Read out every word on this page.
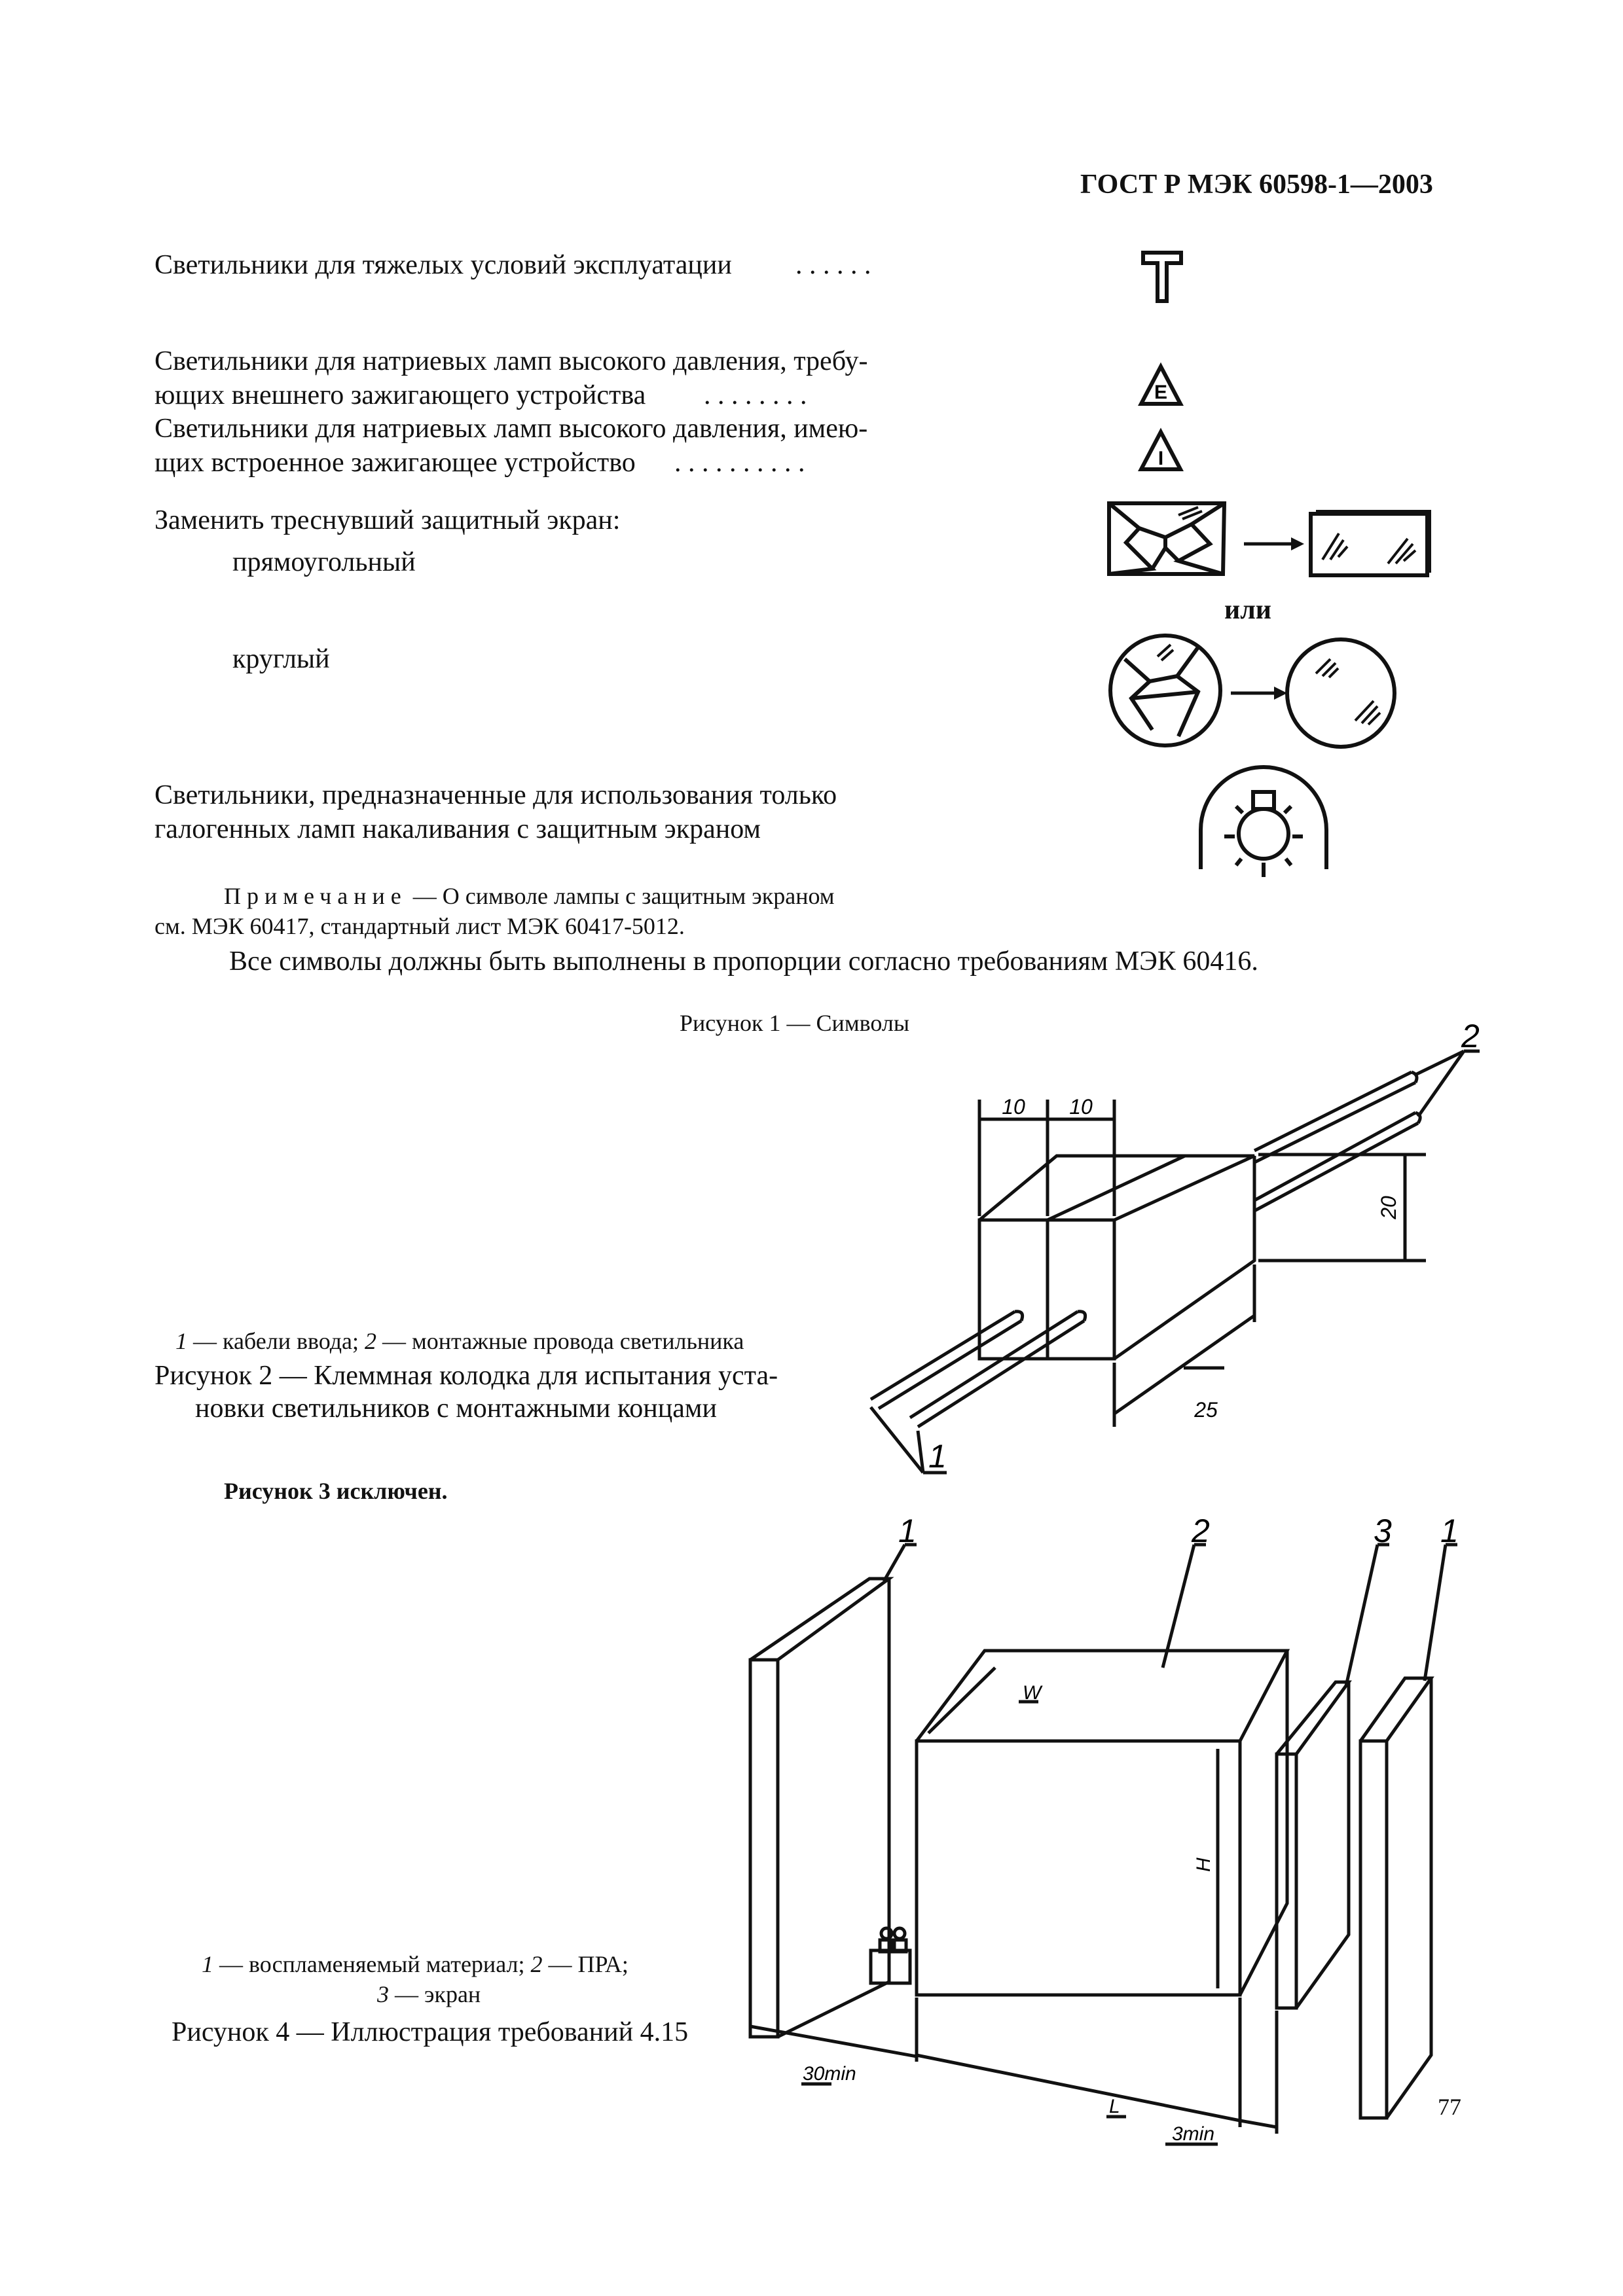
ГОСТ Р МЭК 60598-1—2003
Светильники для тяжелых условий эксплуатации . . . . . .
Светильники для натриевых ламп высокого давления, требу-
ющих внешнего зажигающего устройства . . . . . . . .	E
Светильники для натриевых ламп высокого давления, имею-
щих встроенное зажигающее устройство . . . . . . . . . .	I
Заменить треснувший защитный экран:
прямоугольный
или
круглый
Светильники, предназначенные для использования только
галогенных ламп накаливания с защитным экраном
Примечание — О символе лампы с защитным экраном
см. МЭК 60417, стандартный лист МЭК 60417-5012.
Все символы должны быть выполнены в пропорции согласно требованиям МЭК 60416.
Рисунок 1 — Символы
10 10
20
25
1
2
1 — кабели ввода; 2 — монтажные провода светильника
Рисунок 2 — Клеммная колодка для испытания уста-
новки светильников с монтажными концами
Рисунок 3 исключен.
1	2	3 1
W
H
L
30min
3min
1 — воспламеняемый материал; 2 — ПРА;
3 — экран
Рисунок 4 — Иллюстрация требований 4.15
77
